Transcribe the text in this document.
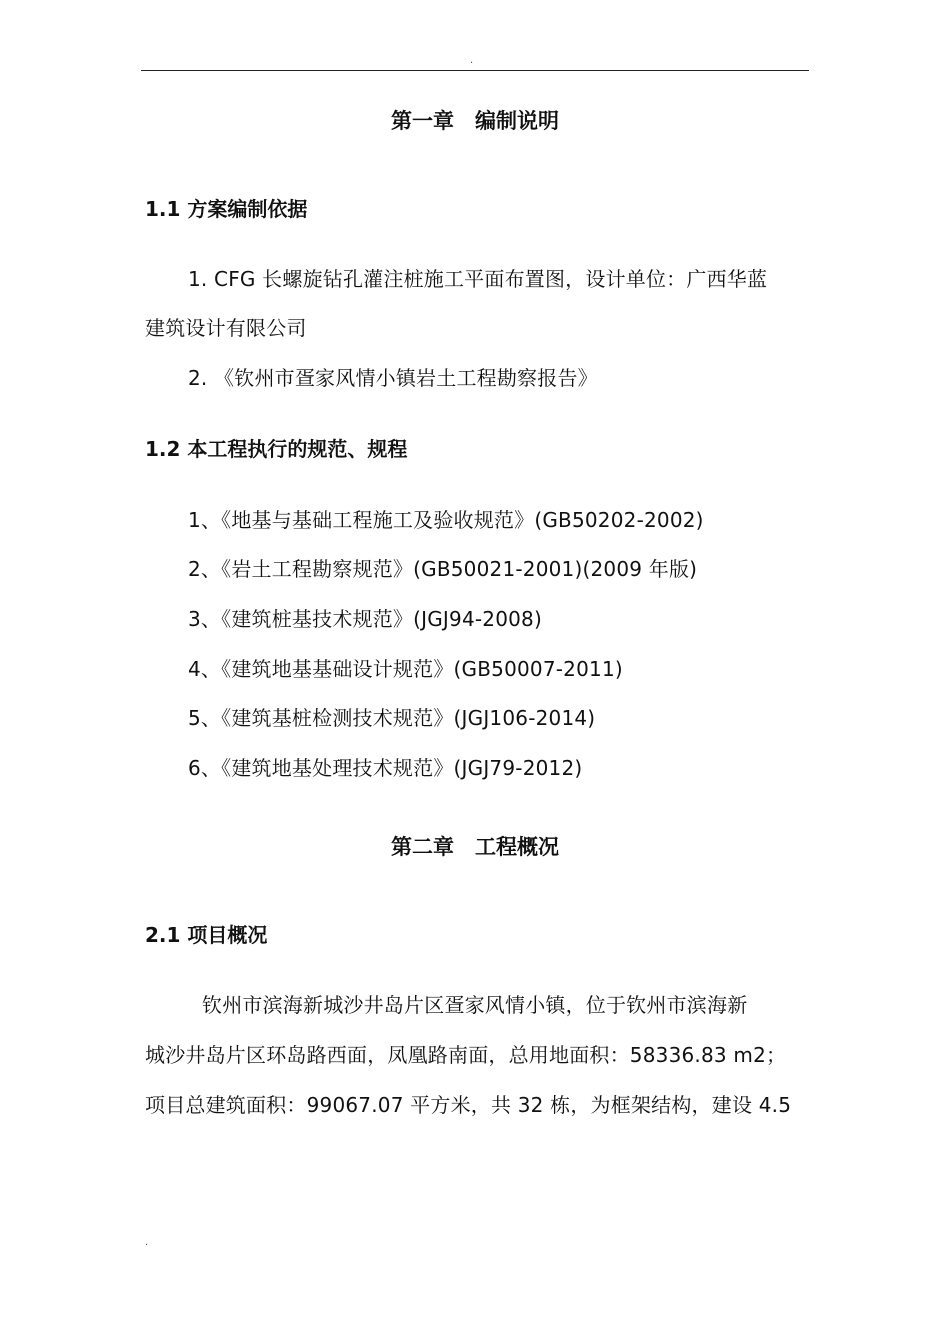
.
第一章　编制说明
1.1 方案编制依据
1. CFG 长螺旋钻孔灌注桩施工平面布置图，设计单位：广西华蓝
建筑设计有限公司
2. 《钦州市疍家风情小镇岩土工程勘察报告》
1.2 本工程执行的规范、规程
1、《地基与基础工程施工及验收规范》(GB50202-2002)
2、《岩土工程勘察规范》(GB50021-2001)(2009 年版)
3、《建筑桩基技术规范》(JGJ94-2008)
4、《建筑地基基础设计规范》(GB50007-2011)
5、《建筑基桩检测技术规范》(JGJ106-2014)
6、《建筑地基处理技术规范》(JGJ79-2012)
第二章　工程概况
2.1 项目概况
钦州市滨海新城沙井岛片区疍家风情小镇，位于钦州市滨海新
城沙井岛片区环岛路西面，凤凰路南面，总用地面积：58336.83 m2；
项目总建筑面积：99067.07 平方米，共 32 栋，为框架结构，建设 4.5
.
